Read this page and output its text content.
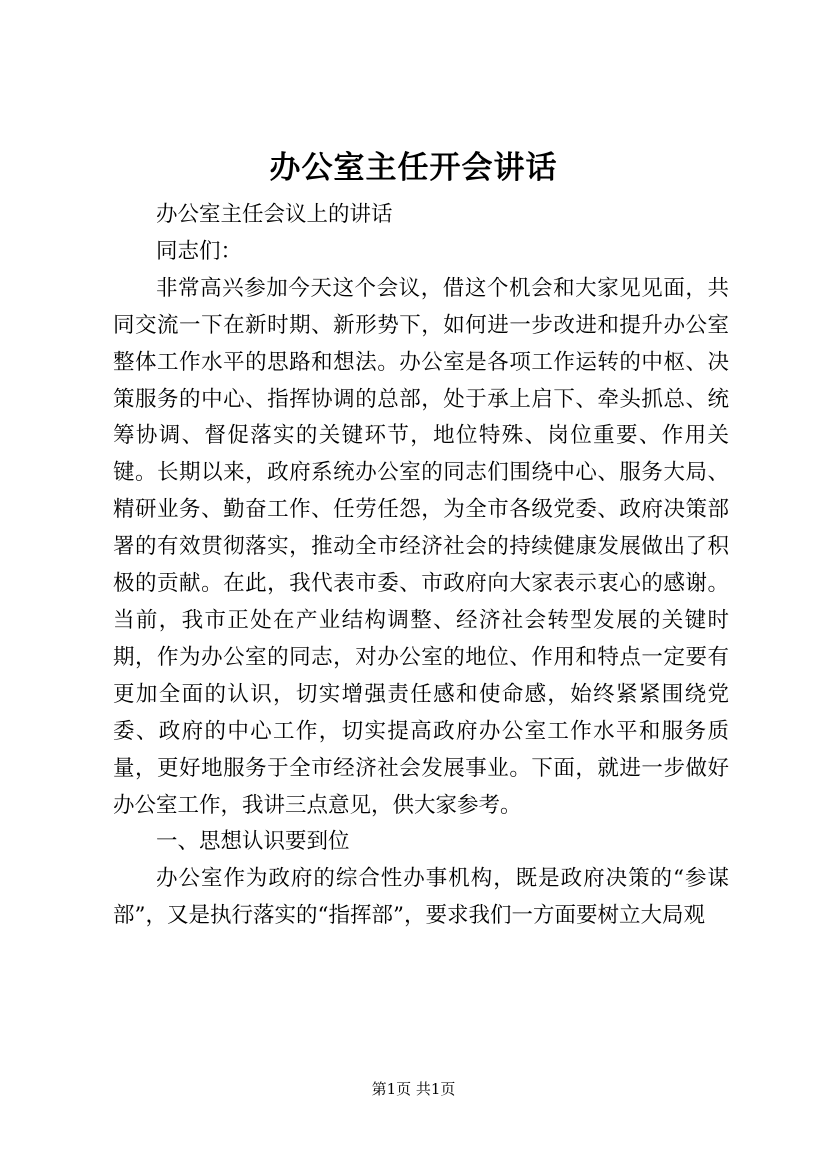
办公室主任开会讲话

办公室主任会议上的讲话

同志们：

非常高兴参加今天这个会议，借这个机会和大家见见面，共同交流一下在新时期、新形势下，如何进一步改进和提升办公室整体工作水平的思路和想法。办公室是各项工作运转的中枢、决策服务的中心、指挥协调的总部，处于承上启下、牵头抓总、统筹协调、督促落实的关键环节，地位特殊、岗位重要、作用关键。长期以来，政府系统办公室的同志们围绕中心、服务大局、精研业务、勤奋工作、任劳任怨，为全市各级党委、政府决策部署的有效贯彻落实，推动全市经济社会的持续健康发展做出了积极的贡献。在此，我代表市委、市政府向大家表示衷心的感谢。当前，我市正处在产业结构调整、经济社会转型发展的关键时期，作为办公室的同志，对办公室的地位、作用和特点一定要有更加全面的认识，切实增强责任感和使命感，始终紧紧围绕党委、政府的中心工作，切实提高政府办公室工作水平和服务质量，更好地服务于全市经济社会发展事业。下面，就进一步做好办公室工作，我讲三点意见，供大家参考。

一、思想认识要到位

办公室作为政府的综合性办事机构，既是政府决策的“参谋部”，又是执行落实的“指挥部”，要求我们一方面要树立大局观

第1页 共1页
